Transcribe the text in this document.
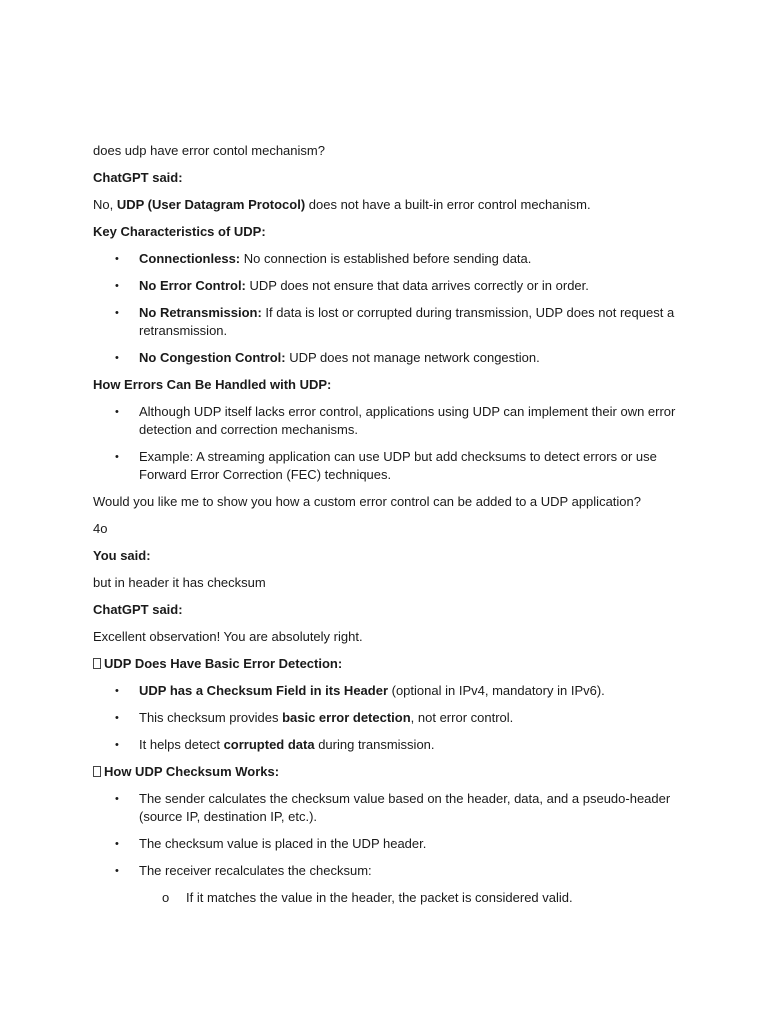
does udp have error contol mechanism?

ChatGPT said:

No, UDP (User Datagram Protocol) does not have a built-in error control mechanism.

Key Characteristics of UDP:

• Connectionless: No connection is established before sending data.
• No Error Control: UDP does not ensure that data arrives correctly or in order.
• No Retransmission: If data is lost or corrupted during transmission, UDP does not request a retransmission.
• No Congestion Control: UDP does not manage network congestion.

How Errors Can Be Handled with UDP:

• Although UDP itself lacks error control, applications using UDP can implement their own error detection and correction mechanisms.
• Example: A streaming application can use UDP but add checksums to detect errors or use Forward Error Correction (FEC) techniques.

Would you like me to show you how a custom error control can be added to a UDP application?

4o

You said:

but in header it has checksum

ChatGPT said:

Excellent observation! You are absolutely right.

UDP Does Have Basic Error Detection:

• UDP has a Checksum Field in its Header (optional in IPv4, mandatory in IPv6).
• This checksum provides basic error detection, not error control.
• It helps detect corrupted data during transmission.

How UDP Checksum Works:

• The sender calculates the checksum value based on the header, data, and a pseudo-header (source IP, destination IP, etc.).
• The checksum value is placed in the UDP header.
• The receiver recalculates the checksum:
o If it matches the value in the header, the packet is considered valid.
